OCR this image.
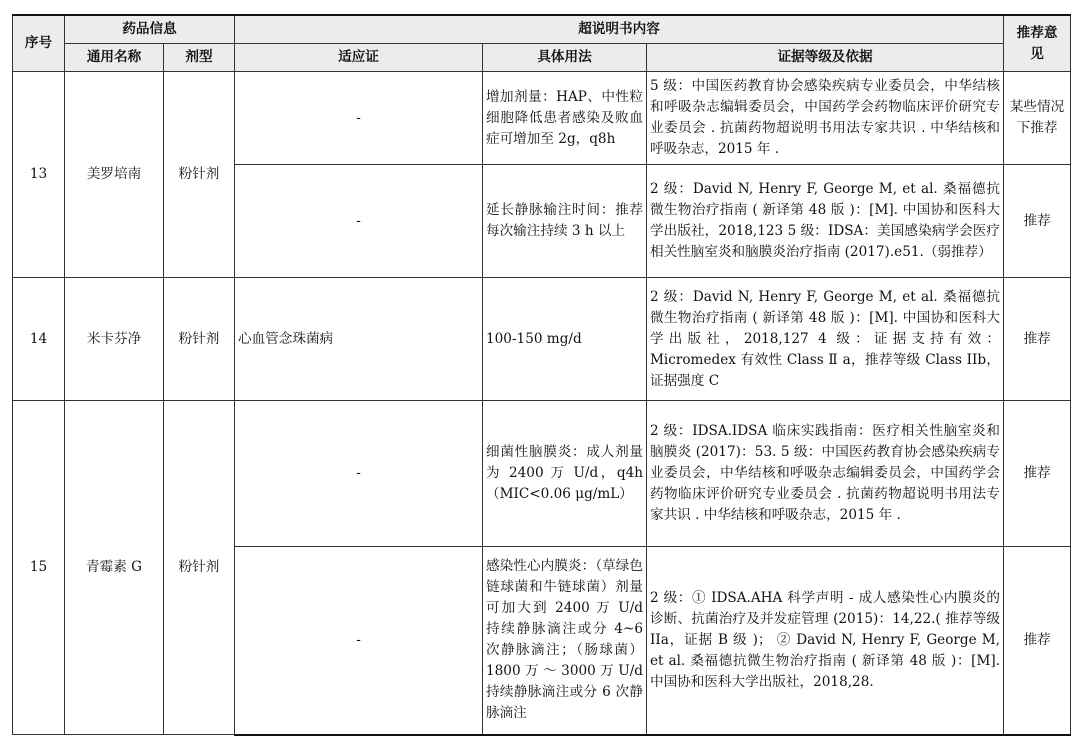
序号	药品信息		超说明书内容			推荐意见
	通用名称	剂型	适应证	具体用法	证据等级及依据	
13	美罗培南	粉针剂	-	增加剂量：HAP、中性粒细胞降低患者感染及败血症可增加至 2g，q8h	5 级：中国医药教育协会感染疾病专业委员会，中华结核和呼吸杂志编辑委员会，中国药学会药物临床评价研究专业委员会 . 抗菌药物超说明书用法专家共识 . 中华结核和呼吸杂志，2015 年 .	某些情况下推荐
			-	延长静脉输注时间：推荐每次输注持续 3 h 以上	2 级：David N, Henry F, George M, et al. 桑福德抗微生物治疗指南 ( 新译第 48 版 )：[M]. 中国协和医科大学出版社，2018,123 5 级：IDSA：美国感染病学会医疗相关性脑室炎和脑膜炎治疗指南 (2017).e51.（弱推荐）	推荐
14	米卡芬净	粉针剂	心血管念珠菌病	100-150 mg/d	2 级：David N, Henry F, George M, et al. 桑福德抗微生物治疗指南 ( 新译第 48 版 )：[M]. 中国协和医科大学出版社，2018,127 4 级：证据支持有效：Micromedex 有效性 Class Ⅱ a，推荐等级 Class IIb，证据强度 C	推荐
15	青霉素 G	粉针剂	-	细菌性脑膜炎：成人剂量为 2400 万 U/d，q4h （MIC<0.06 μg/mL）	2 级：IDSA.IDSA 临床实践指南：医疗相关性脑室炎和脑膜炎 (2017)：53. 5 级：中国医药教育协会感染疾病专业委员会，中华结核和呼吸杂志编辑委员会，中国药学会药物临床评价研究专业委员会 . 抗菌药物超说明书用法专家共识 . 中华结核和呼吸杂志，2015 年 .	推荐
			-	感染性心内膜炎：（草绿色链球菌和牛链球菌）剂量可加大到 2400 万 U/d 持续静脉滴注或分 4~6 次静脉滴注；（肠球菌）1800 万 ～ 3000 万 U/d 持续静脉滴注或分 6 次静脉滴注	2 级：① IDSA.AHA 科学声明 - 成人感染性心内膜炎的诊断、抗菌治疗及并发症管理 (2015)：14,22.( 推荐等级 IIa，证据 B 级 )； ② David N, Henry F, George M, et al. 桑福德抗微生物治疗指南 ( 新译第 48 版 )：[M]. 中国协和医科大学出版社，2018,28.	推荐
